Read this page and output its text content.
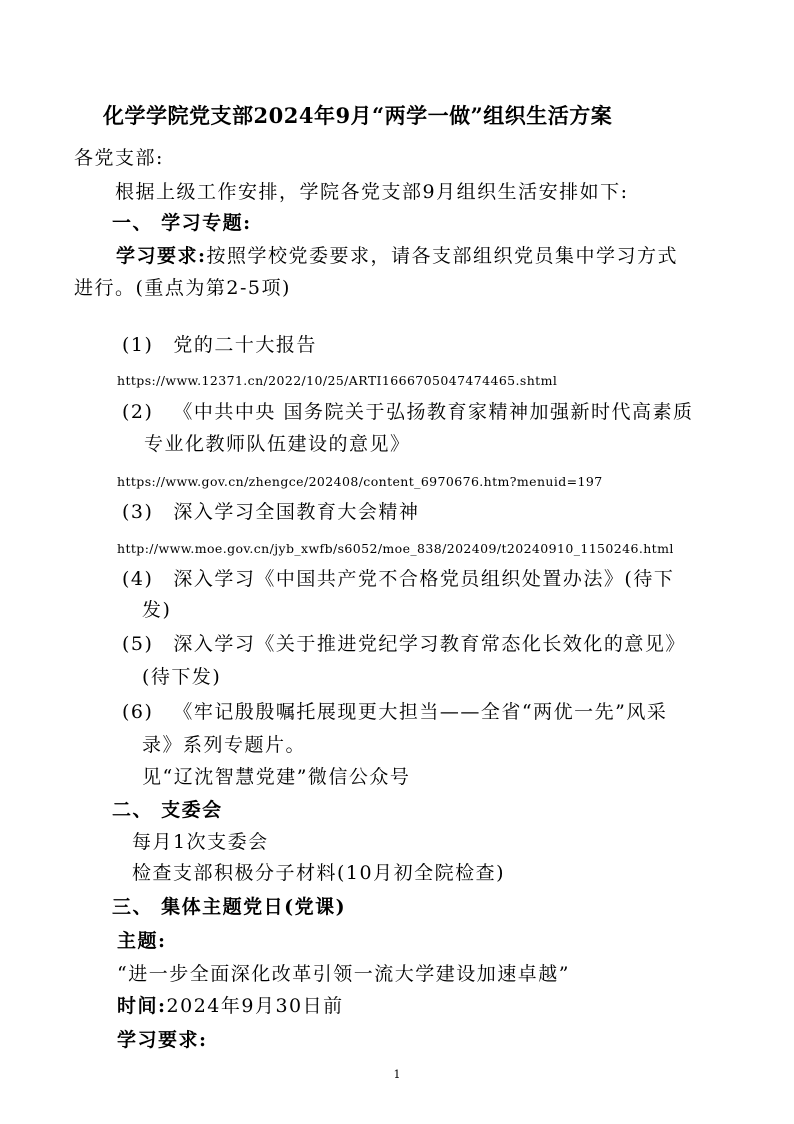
化学学院党支部2024年9月“两学一做”组织生活方案
各党支部:
根据上级工作安排，学院各党支部9月组织生活安排如下:
一、 学习专题:
学习要求:按照学校党委要求，请各支部组织党员集中学习方式
进行。(重点为第2-5项)
(1) 党的二十大报告
https://www.12371.cn/2022/10/25/ARTI1666705047474465.shtml
(2) 《中共中央 国务院关于弘扬教育家精神加强新时代高素质
专业化教师队伍建设的意见》
https://www.gov.cn/zhengce/202408/content_6970676.htm?menuid=197
(3) 深入学习全国教育大会精神
http://www.moe.gov.cn/jyb_xwfb/s6052/moe_838/202409/t20240910_1150246.html
(4) 深入学习《中国共产党不合格党员组织处置办法》(待下
发)
(5) 深入学习《关于推进党纪学习教育常态化长效化的意见》
(待下发)
(6) 《牢记殷殷嘱托展现更大担当——全省“两优一先”风采
录》系列专题片。
见“辽沈智慧党建”微信公众号
二、 支委会
每月1次支委会
检查支部积极分子材料(10月初全院检查)
三、 集体主题党日(党课)
主题:
“进一步全面深化改革引领一流大学建设加速卓越”
时间:2024年9月30日前
学习要求:
1
